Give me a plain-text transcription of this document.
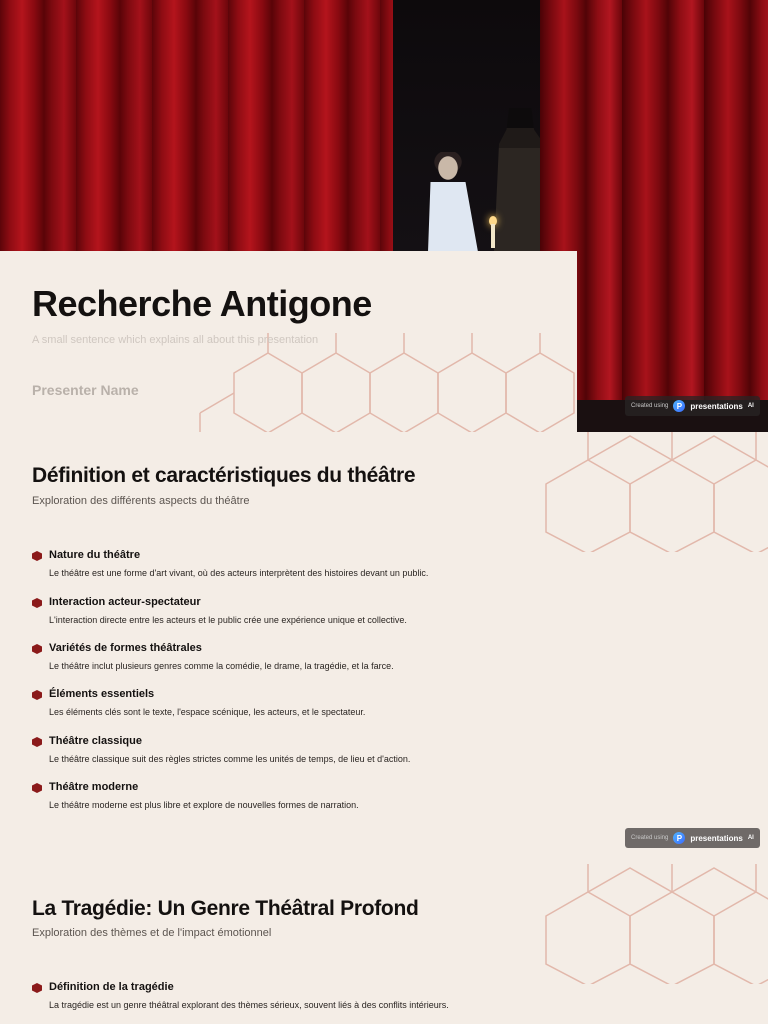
Recherche Antigone
A small sentence which explains all about this presentation
Presenter Name
Created using	P	presentations AI
Définition et caractéristiques du théâtre
Exploration des différents aspects du théâtre
Nature du théâtre
Le théâtre est une forme d'art vivant, où des acteurs interprètent des histoires devant un public.
Interaction acteur-spectateur
L'interaction directe entre les acteurs et le public crée une expérience unique et collective.
Variétés de formes théâtrales
Le théâtre inclut plusieurs genres comme la comédie, le drame, la tragédie, et la farce.
Éléments essentiels
Les éléments clés sont le texte, l'espace scénique, les acteurs, et le spectateur.
Théâtre classique
Le théâtre classique suit des règles strictes comme les unités de temps, de lieu et d'action.
Théâtre moderne
Le théâtre moderne est plus libre et explore de nouvelles formes de narration.
Created using	P	presentations AI
La Tragédie: Un Genre Théâtral Profond
Exploration des thèmes et de l'impact émotionnel
Définition de la tragédie
La tragédie est un genre théâtral explorant des thèmes sérieux, souvent liés à des conflits intérieurs.
